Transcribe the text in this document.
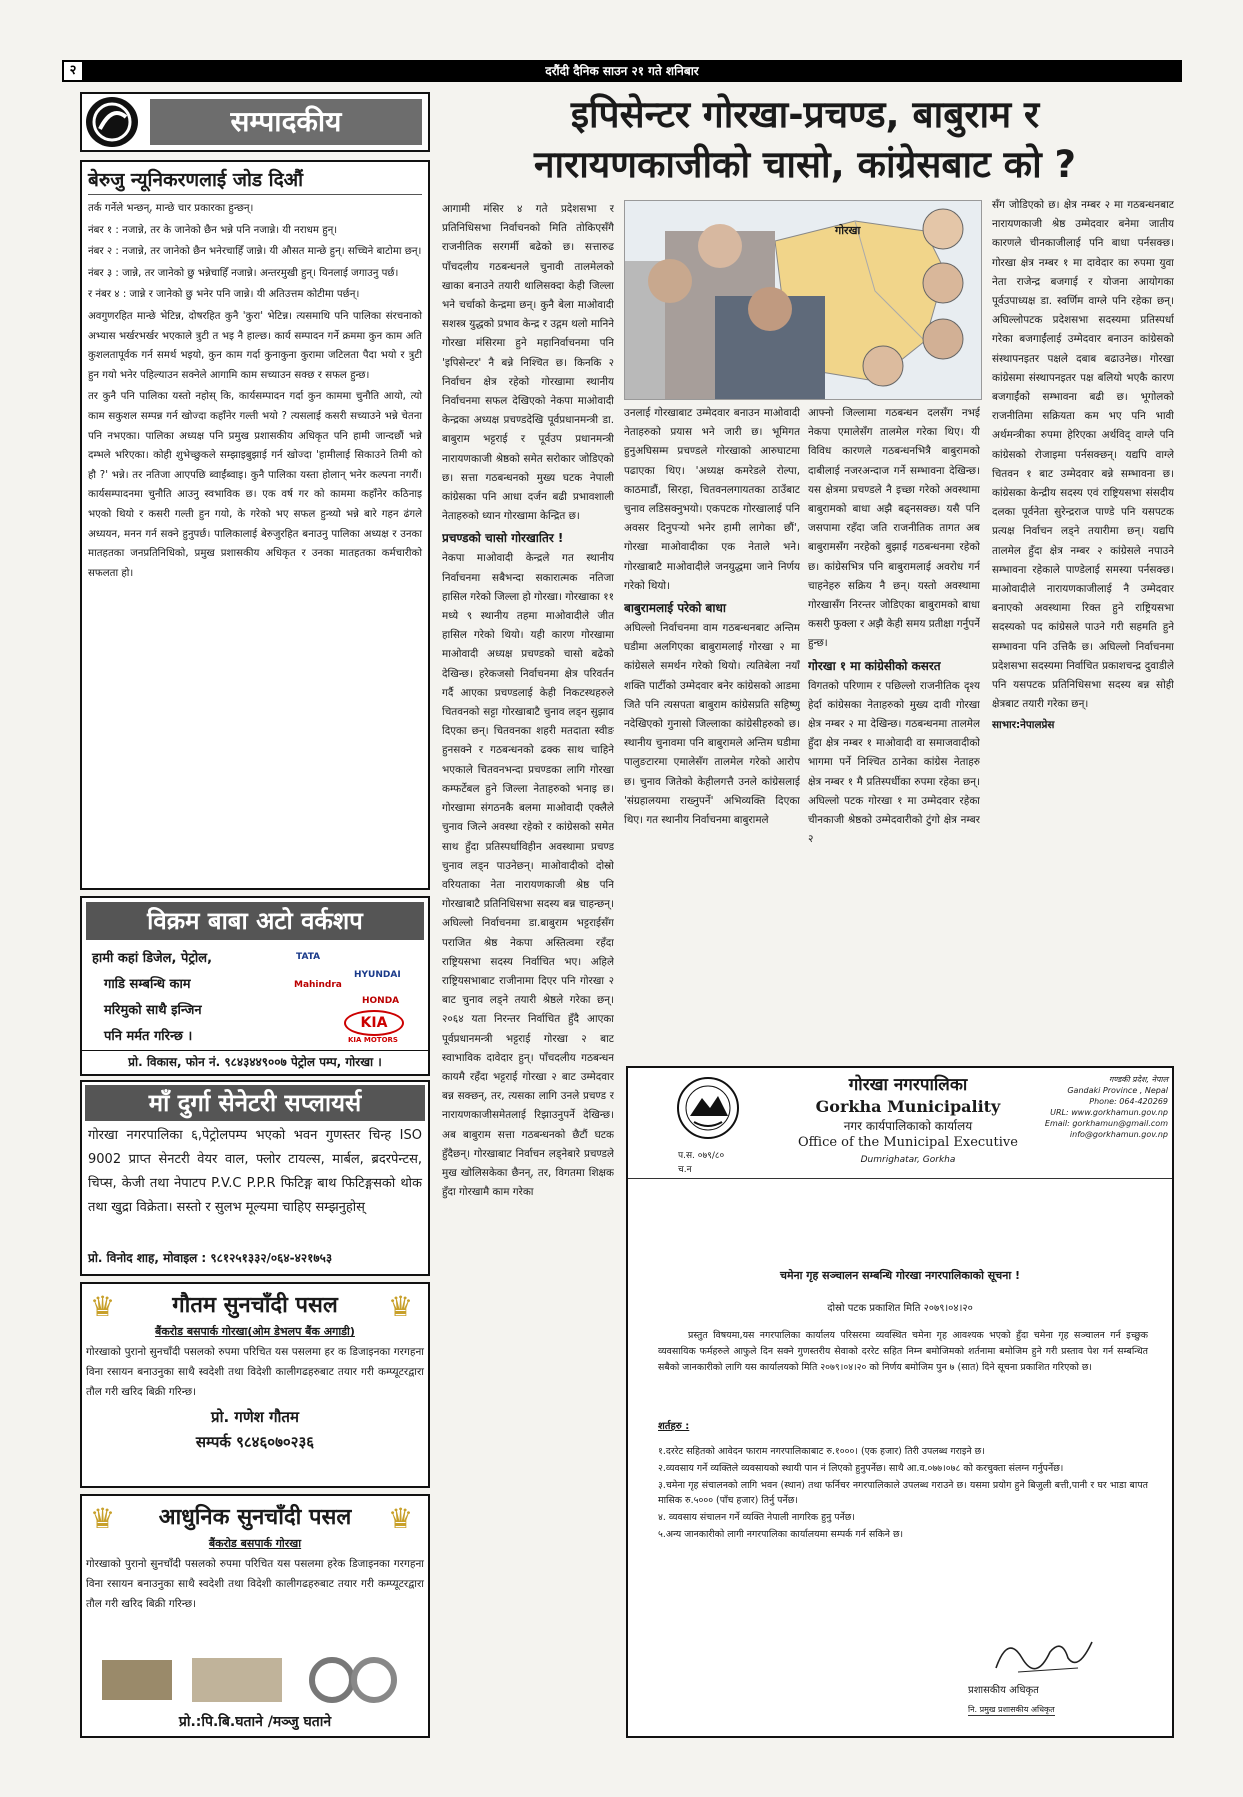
२	दरौंदी दैनिक साउन २१ गते शनिबार
सम्पादकीय
बेरुजु न्यूनिकरणलाई जोड दिऔं

तर्क गर्नेले भन्छन्, मान्छे चार प्रकारका हुन्छन्।

नंबर १ : नजान्ने, तर के जानेको छैन भन्ने पनि नजान्ने। यी नराधम हुन्।

नंबर २ : नजान्ने, तर जानेको छैन भनेरचाहिँ जान्ने। यी औसत मान्छे हुन्। सच्चिने बाटोमा छन्।

नंबर ३ : जान्ने, तर जानेको छु भन्नेचाहिँ नजान्ने। अन्तरमुखी हुन्। यिनलाई जगाउनु पर्छ।

र नंबर ४ : जान्ने र जानेको छु भनेर पनि जान्ने। यी अतिउत्तम कोटीमा पर्छन्।

अवगुणरहित मान्छे भेटिन्न, दोषरहित कुनै 'कुरा' भेटिन्न। त्यसमाथि पनि पालिका संरचनाको अभ्यास भर्खरभर्खर भएकाले त्रुटी त भइ नै हाल्छ। कार्य सम्पादन गर्ने क्रममा कुन काम अति कुशलतापूर्वक गर्न समर्थ भइयो, कुन काम गर्दा कुनाकुना कुरामा जटिलता पैदा भयो र त्रुटी हुन गयो भनेर पहिल्याउन सक्नेले आगामि काम सच्याउन सक्छ र सफल हुन्छ।

तर कुनै पनि पालिका यस्तो नहोस् कि, कार्यसम्पादन गर्दा कुन काममा चुनौति आयो, त्यो काम सकुशल सम्पन्न गर्न खोज्दा कहाँनेर गल्ती भयो ? त्यसलाई कसरी सच्याउने भन्ने चेतना पनि नभएका। पालिका अध्यक्ष पनि प्रमुख प्रशासकीय अधिकृत पनि हामी जान्दछौं भन्ने दम्भले भरिएका। कोही शुभेच्छुकले सम्झाइबुझाई गर्न खोज्दा 'हामीलाई सिकाउने तिमी को हौ ?' भन्ने। तर नतिजा आएपछि ब्वाईंब्वाइ। कुनै पालिका यस्ता होलान् भनेर कल्पना नगरौं। कार्यसम्पादनमा चुनौति आउनु स्वभाविक छ। एक वर्ष गर को काममा कहाँनेर कठिनाइ भएको थियो र कसरी गल्ती हुन गयो, के गरेको भए सफल हुन्थ्यो भन्ने बारे गहन ढंगले अध्ययन, मनन गर्न सक्ने हुनुपर्छ। पालिकालाई बेरुजुरहित बनाउनु पालिका अध्यक्ष र उनका मातहतका जनप्रतिनिधिको, प्रमुख प्रशासकीय अधिकृत र उनका मातहतका कर्मचारीको सफलता हो।

विक्रम बाबा अटो वर्कशप
हामी कहां डिजेल, पेट्रोल,
गाडि सम्बन्धि काम
मरिमुको साथै इन्जिन
पनि मर्मत गरिन्छ ।
TATA
HYUNDAI
Mahindra
HONDA
KIA
KIA MOTORS
प्रो. विकास, फोन नं. ९८४३४४९००७ पेट्रोल पम्प, गोरखा ।
माँ दुर्गा सेनेटरी सप्लायर्स
गोरखा नगरपालिका ६,पेट्रोलपम्प भएको भवन गुणस्तर चिन्ह ISO 9002 प्राप्त सेनटरी वेयर वाल, फ्लोर टायल्स, मार्बल, ब्रदरपेन्टस, चिप्स, केजी तथा नेपाटप P.V.C P.P.R फिटिङ्ग बाथ फिटिङ्गसको थोक तथा खुद्रा विक्रेता। सस्तो र सुलभ मूल्यमा चाहिए सम्झनुहोस्
प्रो. विनोद शाह, मोवाइल : ९८१२५१३३२/०६४-४२१७५३
♛	♛
गौतम सुनचाँदी पसल
बैंकरोड बसपार्क गोरखा(ओम डेभलप बैंक अगाडी)
गोरखाको पुरानो सुनचाँदी पसलको रुपमा परिचित यस पसलमा हर क डिजाइनका गरगहना विना रसायन बनाउनुका साथै स्वदेशी तथा विदेशी कालीगढहरुबाट तयार गरी कम्प्यूटरद्वारा तौल गरी खरिद बिक्री गरिन्छ।
प्रो. गणेश गौतम
सम्पर्क ९८४६०७०२३६
♛	♛
आधुनिक सुनचाँदी पसल
बैंकरोड बसपार्क गोरखा
गोरखाको पुरानो सुनचाँदी पसलको रुपमा परिचित यस पसलमा हरेक डिजाइनका गरगहना विना रसायन बनाउनुका साथै स्वदेशी तथा विदेशी कालीगढहरुबाट तयार गरी कम्प्यूटरद्वारा तौल गरी खरिद बिक्री गरिन्छ।
प्रो.:पि.बि.घताने /मञ्जु घताने
इपिसेन्टर गोरखा-प्रचण्ड, बाबुराम र
नारायणकाजीको चासो, कांग्रेसबाट को ?

आगामी मंसिर ४ गते प्रदेशसभा र प्रतिनिधिसभा निर्वाचनको मिति तोकिएसँगै राजनीतिक सरगर्मी बढेको छ। सत्तारुढ पाँचदलीय गठबन्धनले चुनावी तालमेलको खाका बनाउने तयारी थालिसक्दा केही जिल्ला भने चर्चाको केन्द्रमा छन्। कुनै बेला माओवादी सशस्त्र युद्धको प्रभाव केन्द्र र उद्गम थलो मानिने गोरखा मंसिरमा हुने महानिर्वाचनमा पनि 'इपिसेन्टर' नै बन्ने निश्चित छ। किनकि २ निर्वाचन क्षेत्र रहेको गोरखामा स्थानीय निर्वाचनमा सफल देखिएको नेकपा माओवादी केन्द्रका अध्यक्ष प्रचण्डदेखि पूर्वप्रधानमन्त्री डा. बाबुराम भट्टराई र पूर्वउप प्रधानमन्त्री नारायणकाजी श्रेष्ठको समेत सरोकार जोडिएको छ। सत्ता गठबन्धनको मुख्य घटक नेपाली कांग्रेसका पनि आधा दर्जन बढी प्रभावशाली नेताहरुको ध्यान गोरखामा केन्द्रित छ।

प्रचण्डको चासो गोरखातिर !

नेकपा माओवादी केन्द्रले गत स्थानीय निर्वाचनमा सबैभन्दा सकारात्मक नतिजा हासिल गरेको जिल्ला हो गोरखा। गोरखाका ११ मध्ये ९ स्थानीय तहमा माओवादीले जीत हासिल गरेको थियो। यही कारण गोरखामा माओवादी अध्यक्ष प्रचण्डको चासो बढेको देखिन्छ। हरेकजसो निर्वाचनमा क्षेत्र परिवर्तन गर्दै आएका प्रचण्डलाई केही निकटस्थहरुले चितवनको सट्टा गोरखाबाटै चुनाव लड्न सुझाव दिएका छन्। चितवनका शहरी मतदाता स्वीङ हुनसक्ने र गठबन्धनको ढक्क साथ चाहिने भएकाले चितवनभन्दा प्रचण्डका लागि गोरखा कम्फर्टेबल हुने जिल्ला नेताहरुको भनाइ छ। गोरखामा संगठनकै बलमा माओवादी एक्लैले चुनाव जित्ने अवस्था रहेको र कांग्रेसको समेत साथ हुँदा प्रतिस्पर्धाविहीन अवस्थामा प्रचण्ड चुनाव लड्न पाउनेछन्। माओवादीको दोस्रो वरियताका नेता नारायणकाजी श्रेष्ठ पनि गोरखाबाटै प्रतिनिधिसभा सदस्य बन्न चाहन्छन्। अघिल्लो निर्वाचनमा डा.बाबुराम भट्टराईसँग पराजित श्रेष्ठ नेकपा अस्तित्वमा रहँदा राष्ट्रियसभा सदस्य निर्वाचित भए। अहिले राष्ट्रियसभाबाट राजीनामा दिएर पनि गोरखा २ बाट चुनाव लड्ने तयारी श्रेष्ठले गरेका छन्। २०६४ यता निरन्तर निर्वाचित हुँदै आएका पूर्वप्रधानमन्त्री भट्टराई गोरखा २ बाट स्वाभाविक दावेदार हुन्। पाँचदलीय गठबन्धन कायमै रहँदा भट्टराई गोरखा २ बाट उम्मेदवार बन्न सक्छन्, तर, त्यसका लागि उनले प्रचण्ड र नारायणकाजीसमेतलाई रिझाउनुपर्ने देखिन्छ। अब बाबुराम सत्ता गठबन्धनको छैटौं घटक हुँदैछन्। गोरखाबाट निर्वाचन लड्नेबारे प्रचण्डले मुख खोलिसकेका छैनन्, तर, विगतमा शिक्षक हुँदा गोरखामै काम गरेका

गोरखा

उनलाई गोरखाबाट उम्मेदवार बनाउन माओवादी नेताहरुको प्रयास भने जारी छ। भूमिगत हुनुअघिसम्म प्रचण्डले गोरखाको आरुघाटमा पढाएका थिए। 'अध्यक्ष कमरेडले रोल्पा, काठमाडौं, सिरहा, चितवनलगायतका ठाउँबाट चुनाव लडिसक्नुभयो। एकपटक गोरखालाई पनि अवसर दिनुपर्‍यो भनेर हामी लागेका छौं', गोरखा माओवादीका एक नेताले भने। गोरखाबाटै माओवादीले जनयुद्धमा जाने निर्णय गरेको थियो।

बाबुरामलाई परेको बाधा

अघिल्लो निर्वाचनमा वाम गठबन्धनबाट अन्तिम घडीमा अलगिएका बाबुरामलाई गोरखा २ मा कांग्रेसले समर्थन गरेको थियो। त्यतिबेला नयाँ शक्ति पार्टीको उम्मेदवार बनेर कांग्रेसको आडमा जितेे पनि त्यसपता बाबुराम कांग्रेसप्रति सहिष्णु नदेखिएको गुनासो जिल्लाका कांग्रेसीहरुको छ। स्थानीय चुनावमा पनि बाबुरामले अन्तिम घडीमा पालुङटारमा एमालेसँग तालमेल गरेको आरोप छ। चुनाव जितेको केहीलगत्तै उनले कांग्रेसलाई 'संग्रहालयमा राख्नुपर्ने' अभिव्यक्ति दिएका थिए। गत स्थानीय निर्वाचनमा बाबुरामले

आफ्नो जिल्लामा गठबन्धन दलसँग नभई नेकपा एमालेसँग तालमेल गरेका थिए। यी विविध कारणले गठबन्धनभित्रै बाबुरामको दाबीलाई नजरअन्दाज गर्ने सम्भावना देखिन्छ। यस क्षेत्रमा प्रचण्डले नै इच्छा गरेको अवस्थामा बाबुरामको बाधा अझै बढ्नसक्छ। यसै पनि जसपामा रहँदा जति राजनीतिक तागत अब बाबुरामसँग नरहेको बुझाई गठबन्धनमा रहेको छ। कांग्रेसभित्र पनि बाबुरामलाई अवरोध गर्न चाहनेहरु सक्रिय नै छन्। यस्तो अवस्थामा गोरखासँग निरन्तर जोडिएका बाबुरामको बाधा कसरी फुक्ला र अझै केही समय प्रतीक्षा गर्नुपर्ने हुन्छ।

गोरखा १ मा कांग्रेसीको कसरत

विगतको परिणाम र पछिल्लो राजनीतिक दृश्य हेर्दा कांग्रेसका नेताहरुको मुख्य दावी गोरखा क्षेत्र नम्बर २ मा देखिन्छ। गठबन्धनमा तालमेल हुँदा क्षेत्र नम्बर १ माओवादी वा समाजवादीको भागमा पर्ने निश्चित ठानेका कांग्रेस नेताहरु क्षेत्र नम्बर १ मै प्रतिस्पर्धीका रुपमा रहेका छन्। अघिल्लो पटक गोरखा १ मा उम्मेदवार रहेका चीनकाजी श्रेष्ठको उम्मेदवारीको टुंगो क्षेत्र नम्बर २

सँग जोडिएको छ। क्षेत्र नम्बर २ मा गठबन्धनबाट नारायणकाजी श्रेष्ठ उम्मेदवार बनेमा जातीय कारणले चीनकाजीलाई पनि बाधा पर्नसक्छ। गोरखा क्षेत्र नम्बर १ मा दावेदार का रुपमा युवा नेता राजेन्द्र बजगाई र योजना आयोगका पूर्वउपाध्यक्ष डा. स्वर्णिम वाग्ले पनि रहेका छन्। अघिल्लोपटक प्रदेशसभा सदस्यमा प्रतिस्पर्धा गरेका बजगाईंलाई उम्मेदवार बनाउन कांग्रेसको संस्थापनइतर पक्षले दबाब बढाउनेछ। गोरखा कांग्रेसमा संस्थापनइतर पक्ष बलियो भएकै कारण बजगाईंको सम्भावना बढी छ। भूगोलको राजनीतिमा सक्रियता कम भए पनि भावी अर्थमन्त्रीका रुपमा हेरिएका अर्थविद् वाग्ले पनि कांग्रेसको रोजाइमा पर्नसक्छन्। यद्यपि वाग्ले चितवन १ बाट उम्मेदवार बन्ने सम्भावना छ। कांग्रेसका केन्द्रीय सदस्य एवं राष्ट्रियसभा संसदीय दलका पूर्वनेता सुरेन्द्रराज पाण्डे पनि यसपटक प्रत्यक्ष निर्वाचन लड्ने तयारीमा छन्। यद्यपि तालमेल हुँदा क्षेत्र नम्बर २ कांग्रेसले नपाउने सम्भावना रहेकाले पाण्डेलाई समस्या पर्नसक्छ। माओवादीले नारायणकाजीलाई नै उम्मेदवार बनाएको अवस्थामा रिक्त हुने राष्ट्रियसभा सदस्यको पद कांग्रेसले पाउने गरी सहमति हुने सम्भावना पनि उत्तिकै छ। अघिल्लो निर्वाचनमा प्रदेशसभा सदस्यमा निर्वाचित प्रकाशचन्द्र दुवाडीले पनि यसपटक प्रतिनिधिसभा सदस्य बन्न सोही क्षेत्रबाट तयारी गरेका छन्।

साभार:नेपालप्रेस

गोरखा नगरपालिका
Gorkha Municipality
नगर कार्यपालिकाको कार्यालय
Office of the Municipal Executive
Dumrighatar, Gorkha
गण्डकी प्रदेश, नेपाल
Gandaki Province , Nepal
Phone: 064-420269
URL: www.gorkhamun.gov.np
Email: gorkhamun@gmail.com
info@gorkhamun.gov.np
प.स. ०७९/८०
च.न
चमेना गृह सञ्चालन सम्बन्धि गोरखा नगरपालिकाको सूचना !
दोस्रो पटक प्रकाशित मिति २०७९।०४।२०
प्रस्तुत विषयमा,यस नगरपालिका कार्यालय परिसरमा व्यवस्थित चमेना गृह आवश्यक भएको हुँदा चमेना गृह सञ्चालन गर्न इच्छुक व्यवसायिक फर्महरुले आफुले दिन सक्ने गुणस्तरीय सेवाको दररेट सहित निम्न बमोजिमको शर्तनामा बमोजिम हुने गरी प्रस्ताव पेश गर्न सम्बन्धित सबैको जानकारीको लागि यस कार्यालयको मिति २०७९।०४।२० को निर्णय बमोजिम पुन ७ (सात) दिने सूचना प्रकाशित गरिएको छ।
शर्तहरु :

१.दररेट सहितको आवेदन फाराम नगरपालिकाबाट रु.१०००। (एक हजार) तिरी उपलब्ध गराइने छ।

२.व्यवसाय गर्ने व्यक्तिले व्यवसायको स्थायी पान नं लिएको हुनुपर्नेछ। साथै आ.व.०७७।०७८ को करचुक्ता संलग्न गर्नुपर्नेछ।

३.चमेना गृह संचालनको लागि भवन (स्थान) तथा फर्निचर नगरपालिकाले उपलब्ध गराउने छ। यसमा प्रयोग हुने बिजुली बत्ती,पानी र घर भाडा बापत मासिक रु.५००० (पाँच हजार) तिर्नु पर्नेछ।

४. व्यवसाय संचालन गर्ने व्यक्ति नेपाली नागरिक हुनु पर्नेछ।

५.अन्य जानकारीको लागी नगरपालिका कार्यालयमा सम्पर्क गर्न सकिने छ।

प्रशासकीय अधिकृत
नि. प्रमुख प्रशासकीय अधिकृत
